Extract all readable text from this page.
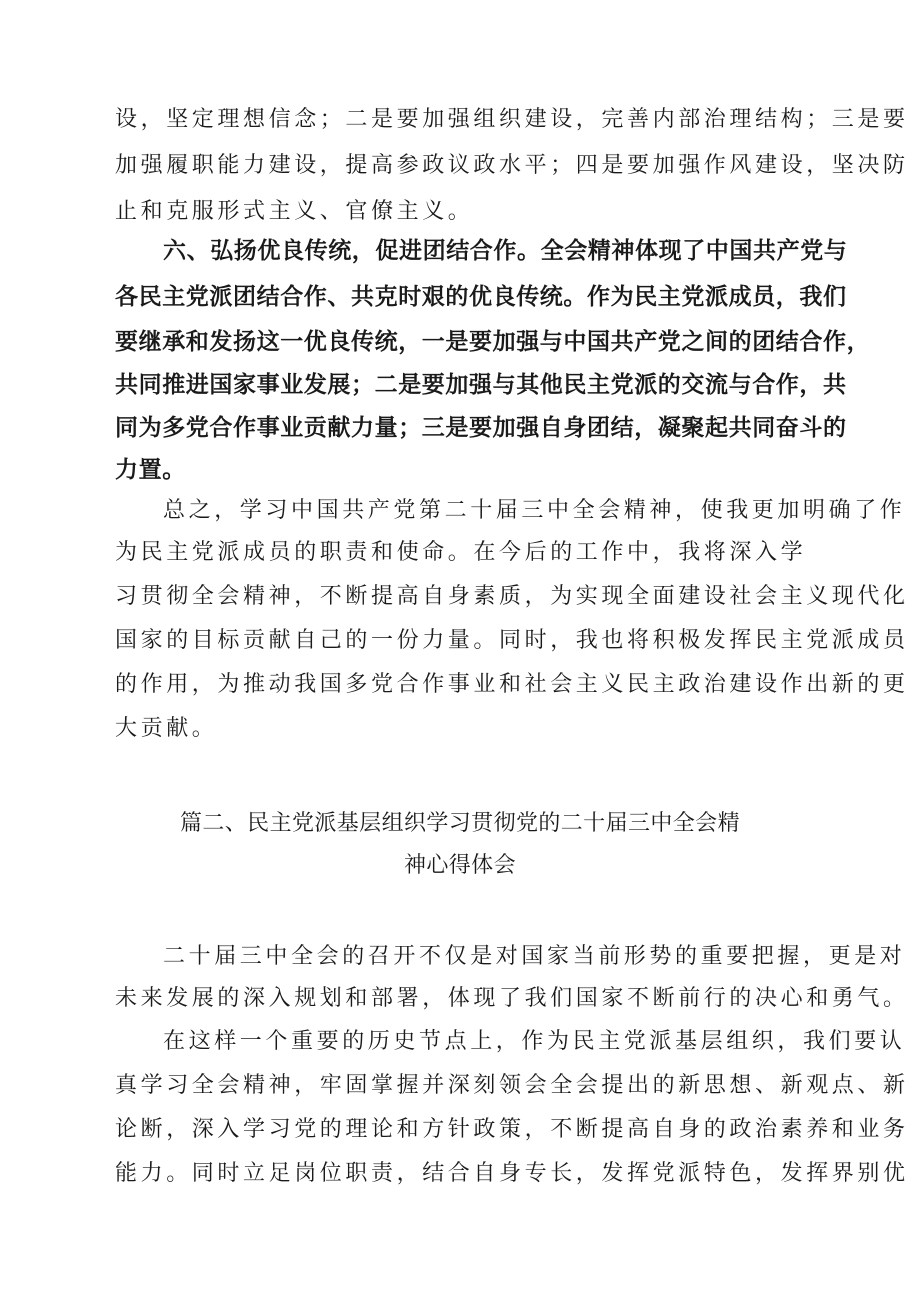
设，坚定理想信念；二是要加强组织建设，完善内部治理结构；三是要
加强履职能力建设，提高参政议政水平；四是要加强作风建设，坚决防
止和克服形式主义、官僚主义。
六、弘扬优良传统，促进团结合作。全会精神体现了中国共产党与
各民主党派团结合作、共克时艰的优良传统。作为民主党派成员，我们
要继承和发扬这一优良传统，一是要加强与中国共产党之间的团结合作，
共同推进国家事业发展；二是要加强与其他民主党派的交流与合作，共
同为多党合作事业贡献力量；三是要加强自身团结，凝聚起共同奋斗的
力置。
总之，学习中国共产党第二十届三中全会精神，使我更加明确了作
为民主党派成员的职责和使命。在今后的工作中，我将深入学
习贯彻全会精神，不断提高自身素质，为实现全面建设社会主义现代化
国家的目标贡献自己的一份力量。同时，我也将积极发挥民主党派成员
的作用，为推动我国多党合作事业和社会主义民主政治建设作出新的更
大贡献。
篇二、民主党派基层组织学习贯彻党的二十届三中全会精
神心得体会
二十届三中全会的召开不仅是对国家当前形势的重要把握，更是对
未来发展的深入规划和部署，体现了我们国家不断前行的决心和勇气。
在这样一个重要的历史节点上，作为民主党派基层组织，我们要认
真学习全会精神，牢固掌握并深刻领会全会提出的新思想、新观点、新
论断，深入学习党的理论和方针政策，不断提高自身的政治素养和业务
能力。同时立足岗位职责，结合自身专长，发挥党派特色，发挥界别优
